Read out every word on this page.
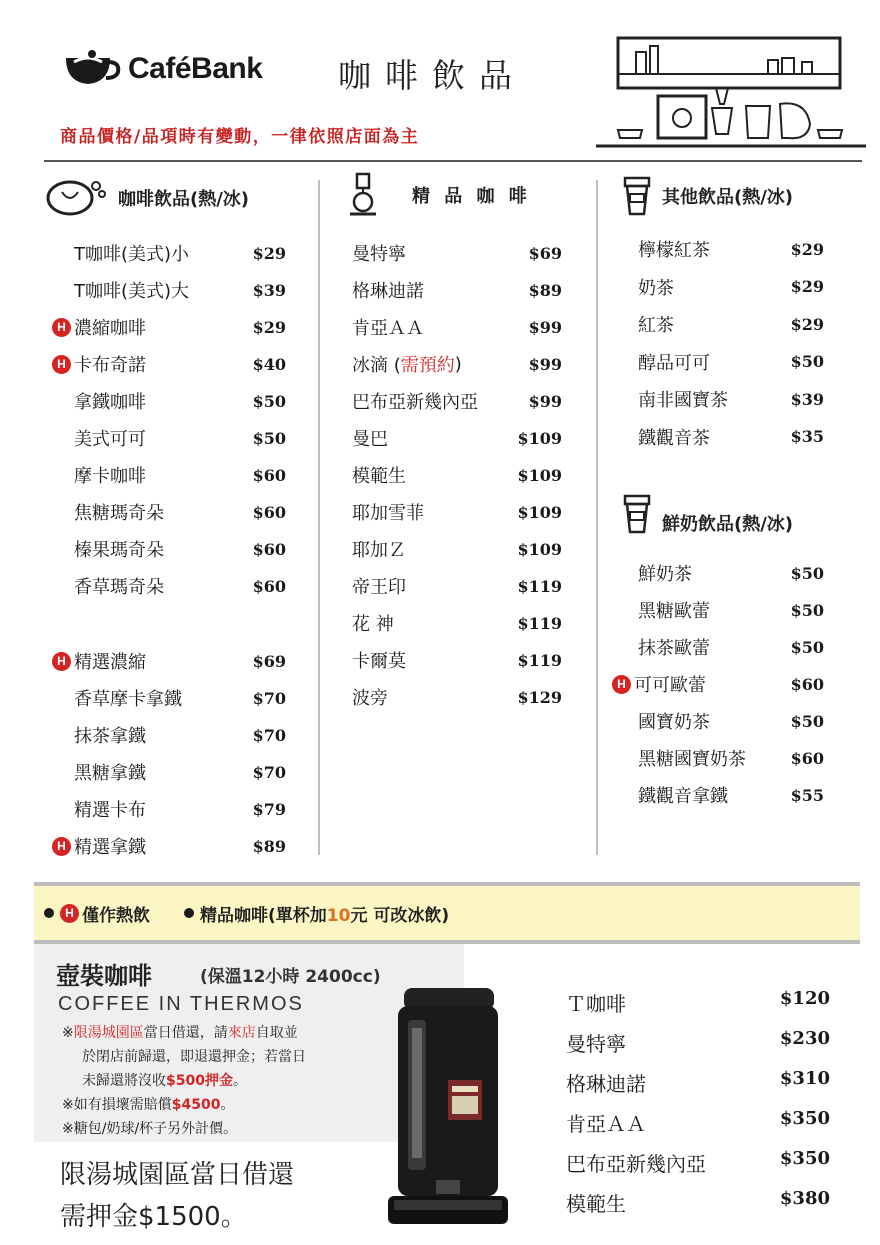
CaféBank 咖啡飲品
商品價格/品項時有變動，一律依照店面為主
咖啡飲品(熱/冰)
T咖啡(美式)小	$29
T咖啡(美式)大	$39
H 濃縮咖啡	$29
H 卡布奇諾	$40
拿鐵咖啡	$50
美式可可	$50
摩卡咖啡	$60
焦糖瑪奇朵	$60
榛果瑪奇朵	$60
香草瑪奇朵	$60
H 精選濃縮	$69
香草摩卡拿鐵	$70
抹茶拿鐵	$70
黑糖拿鐵	$70
精選卡布	$79
H 精選拿鐵	$89
精 品 咖 啡
曼特寧	$69
格琳迪諾	$89
肯亞ＡＡ	$99
冰滴 ( 需預約 )	$99
巴布亞新幾內亞	$99
曼巴	$109
模範生	$109
耶加雪菲	$109
耶加Ｚ	$109
帝王印	$119
花 神	$119
卡爾莫	$119
波旁	$129
其他飲品(熱/冰)
檸檬紅茶	$29
奶茶	$29
紅茶	$29
醇品可可	$50
南非國寶茶	$39
鐵觀音茶	$35
鮮奶飲品(熱/冰)
鮮奶茶	$50
黑糖歐蕾	$50
抹茶歐蕾	$50
H 可可歐蕾	$60
國寶奶茶	$50
黑糖國寶奶茶	$60
鐵觀音拿鐵	$55
H 僅作熱飲	精品咖啡(單杯加10元 可改冰飲)
壺裝咖啡	(保溫12小時 2400cc)
COFFEE IN THERMOS
※限湯城園區當日借還，請來店自取並
於閉店前歸還，即退還押金；若當日
未歸還將沒收$500押金。
※如有損壞需賠償$4500。
※糖包/奶球/杯子另外計價。
限湯城園區當日借還
需押金$1500。
Ｔ咖啡	$120
曼特寧	$230
格琳迪諾	$310
肯亞ＡＡ	$350
巴布亞新幾內亞	$350
模範生	$380
